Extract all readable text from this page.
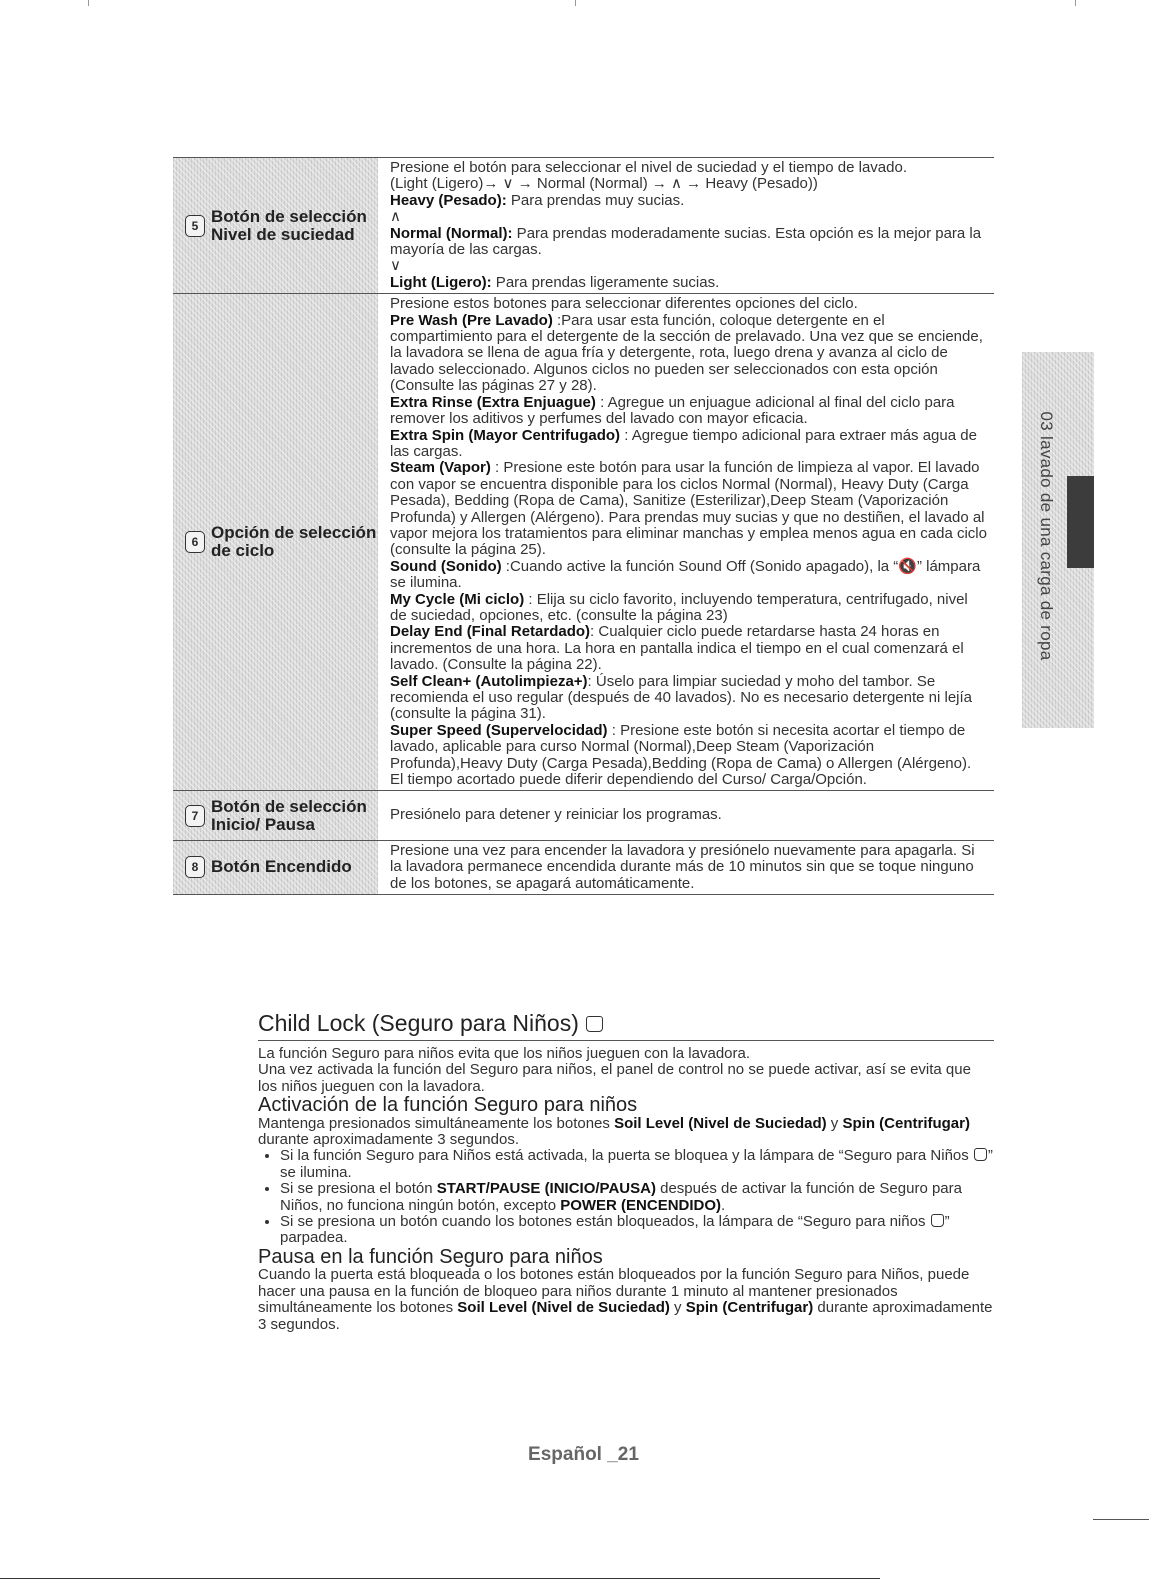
5 Botón de selección Nivel de suciedad

Presione el botón para seleccionar el nivel de suciedad y el tiempo de lavado.

(Light (Ligero)→ ∨ → Normal (Normal) → ∧ → Heavy (Pesado))

Heavy (Pesado): Para prendas muy sucias.

∧

Normal (Normal): Para prendas moderadamente sucias. Esta opción es la mejor para la mayoría de las cargas.

∨

Light (Ligero): Para prendas ligeramente sucias.

6 Opción de selección de ciclo

Presione estos botones para seleccionar diferentes opciones del ciclo.

Pre Wash (Pre Lavado) :Para usar esta función, coloque detergente en el compartimiento para el detergente de la sección de prelavado. Una vez que se enciende, la lavadora se llena de agua fría y detergente, rota, luego drena y avanza al ciclo de lavado seleccionado. Algunos ciclos no pueden ser seleccionados con esta opción (Consulte las páginas 27 y 28).

Extra Rinse (Extra Enjuague) : Agregue un enjuague adicional al final del ciclo para remover los aditivos y perfumes del lavado con mayor eficacia.

Extra Spin (Mayor Centrifugado) : Agregue tiempo adicional para extraer más agua de las cargas.

Steam (Vapor) : Presione este botón para usar la función de limpieza al vapor. El lavado con vapor se encuentra disponible para los ciclos Normal (Normal), Heavy Duty (Carga Pesada), Bedding (Ropa de Cama), Sanitize (Esterilizar),Deep Steam (Vaporización Profunda) y Allergen (Alérgeno). Para prendas muy sucias y que no destiñen, el lavado al vapor mejora los tratamientos para eliminar manchas y emplea menos agua en cada ciclo (consulte la página 25).

Sound (Sonido) :Cuando active la función Sound Off (Sonido apagado), la “🔇” lámpara se ilumina.

My Cycle (Mi ciclo) : Elija su ciclo favorito, incluyendo temperatura, centrifugado, nivel de suciedad, opciones, etc. (consulte la página 23)

Delay End (Final Retardado): Cualquier ciclo puede retardarse hasta 24 horas en incrementos de una hora. La hora en pantalla indica el tiempo en el cual comenzará el lavado. (Consulte la página 22).

Self Clean+ (Autolimpieza+): Úselo para limpiar suciedad y moho del tambor. Se recomienda el uso regular (después de 40 lavados). No es necesario detergente ni lejía (consulte la página 31).

Super Speed (Supervelocidad) : Presione este botón si necesita acortar el tiempo de lavado, aplicable para curso Normal (Normal),Deep Steam (Vaporización Profunda),Heavy Duty (Carga Pesada),Bedding (Ropa de Cama) o Allergen (Alérgeno). El tiempo acortado puede diferir dependiendo del Curso/ Carga/Opción.

7 Botón de selección Inicio/ Pausa	Presiónelo para detener y reiniciar los programas.

8 Botón Encendido

Presione una vez para encender la lavadora y presiónelo nuevamente para apagarla. Si la lavadora permanece encendida durante más de 10 minutos sin que se toque ninguno de los botones, se apagará automáticamente.

03 lavado de una carga de ropa
Child Lock (Seguro para Niños)

La función Seguro para niños evita que los niños jueguen con la lavadora.

Una vez activada la función del Seguro para niños, el panel de control no se puede activar, así se evita que los niños jueguen con la lavadora.

Activación de la función Seguro para niños

Mantenga presionados simultáneamente los botones Soil Level (Nivel de Suciedad) y Spin (Centrifugar) durante aproximadamente 3 segundos.

• Si la función Seguro para Niños está activada, la puerta se bloquea y la lámpara de “Seguro para Niños ” se ilumina.
• Si se presiona el botón START/PAUSE (INICIO/PAUSA) después de activar la función de Seguro para Niños, no funciona ningún botón, excepto POWER (ENCENDIDO).
• Si se presiona un botón cuando los botones están bloqueados, la lámpara de “Seguro para niños ” parpadea.
Pausa en la función Seguro para niños

Cuando la puerta está bloqueada o los botones están bloqueados por la función Seguro para Niños, puede hacer una pausa en la función de bloqueo para niños durante 1 minuto al mantener presionados simultáneamente los botones Soil Level (Nivel de Suciedad) y Spin (Centrifugar) durante aproximadamente 3 segundos.

Español _21
